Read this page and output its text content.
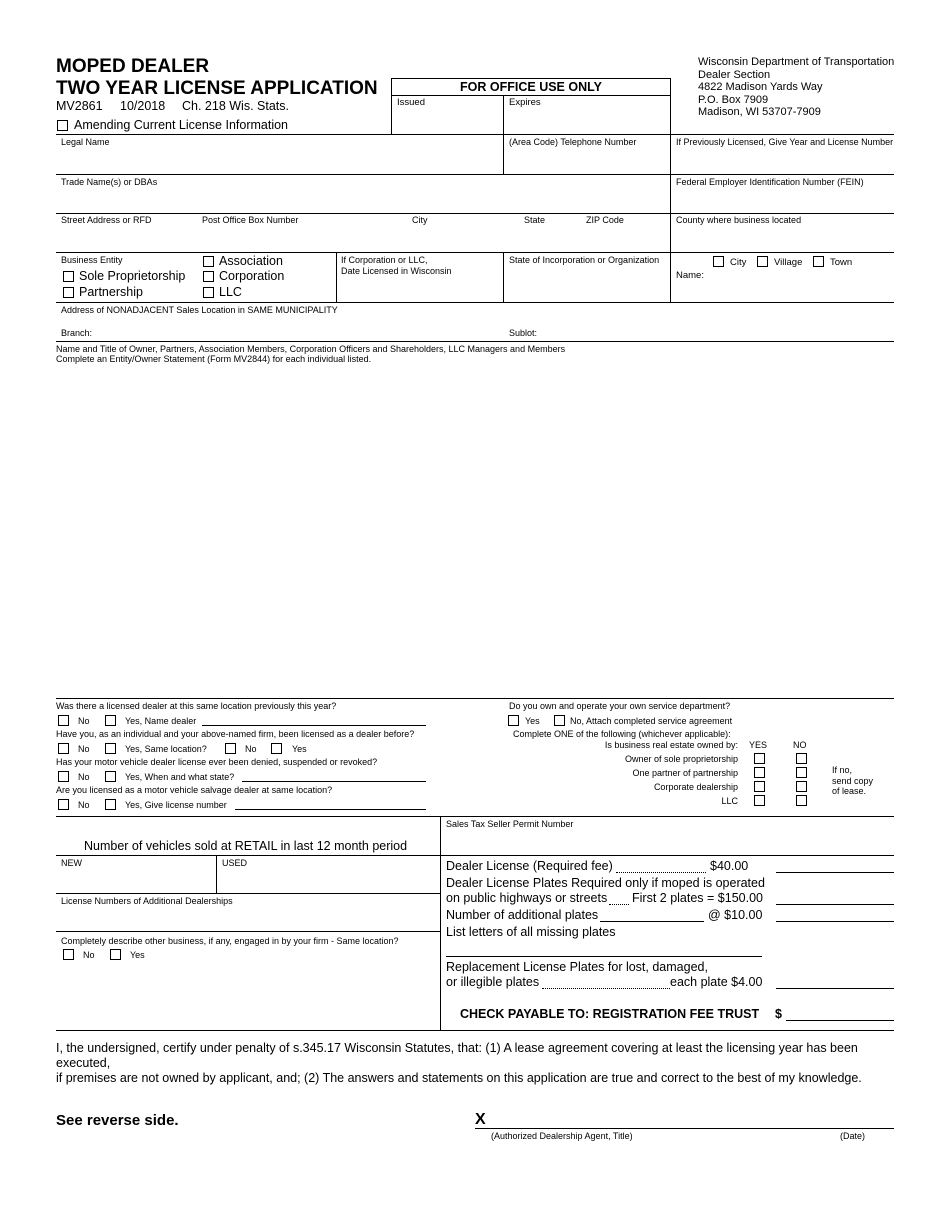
MOPED DEALER
TWO YEAR LICENSE APPLICATION
MV2861 10/2018 Ch. 218 Wis. Stats.
Amending Current License Information
FOR OFFICE USE ONLY
Issued	Expires
Wisconsin Department of Transportation
Dealer Section
4822 Madison Yards Way
P.O. Box 7909
Madison, WI 53707-7909
Legal Name	(Area Code) Telephone Number	If Previously Licensed, Give Year and License Number
Trade Name(s) or DBAs	Federal Employer Identification Number (FEIN)
Street Address or RFD	Post Office Box Number	City	State	ZIP Code	County where business located
Business Entity	Association
Sole Proprietorship	Corporation
Partnership	LLC
If Corporation or LLC,
Date Licensed in Wisconsin
State of Incorporation or Organization	City	Village	Town
Name:
Address of NONADJACENT Sales Location in SAME MUNICIPALITY
Branch:	Sublot:
Name and Title of Owner, Partners, Association Members, Corporation Officers and Shareholders, LLC Managers and Members
Complete an Entity/Owner Statement (Form MV2844) for each individual listed.
Was there a licensed dealer at this same location previously this year?
No	Yes, Name dealer
Have you, as an individual and your above-named firm, been licensed as a dealer before?
No	Yes, Same location?	No	Yes
Has your motor vehicle dealer license ever been denied, suspended or revoked?
No	Yes, When and what state?
Are you licensed as a motor vehicle salvage dealer at same location?
No	Yes, Give license number
Do you own and operate your own service department?
Yes	No, Attach completed service agreement
Complete ONE of the following (whichever applicable):
Is business real estate owned by: YES	NO
Owner of sole proprietorship
One partner of partnership
Corporate dealership
LLC
If no,
send copy
of lease.
Number of vehicles sold at RETAIL in last 12 month period
NEW	USED
License Numbers of Additional Dealerships
Completely describe other business, if any, engaged in by your firm - Same location?
No	Yes
Sales Tax Seller Permit Number
Dealer License (Required fee)	$40.00
Dealer License Plates Required only if moped is operated
on public highways or streets First 2 plates = $150.00
Number of additional plates	@ $10.00
List letters of all missing plates
Replacement License Plates for lost, damaged,
or illegible plates	each plate $4.00
CHECK PAYABLE TO: REGISTRATION FEE TRUST $
I, the undersigned, certify under penalty of s.345.17 Wisconsin Statutes, that: (1) A lease agreement covering at least the licensing year has been executed,
if premises are not owned by applicant, and; (2) The answers and statements on this application are true and correct to the best of my knowledge.
See reverse side.	X
(Authorized Dealership Agent, Title)	(Date)
